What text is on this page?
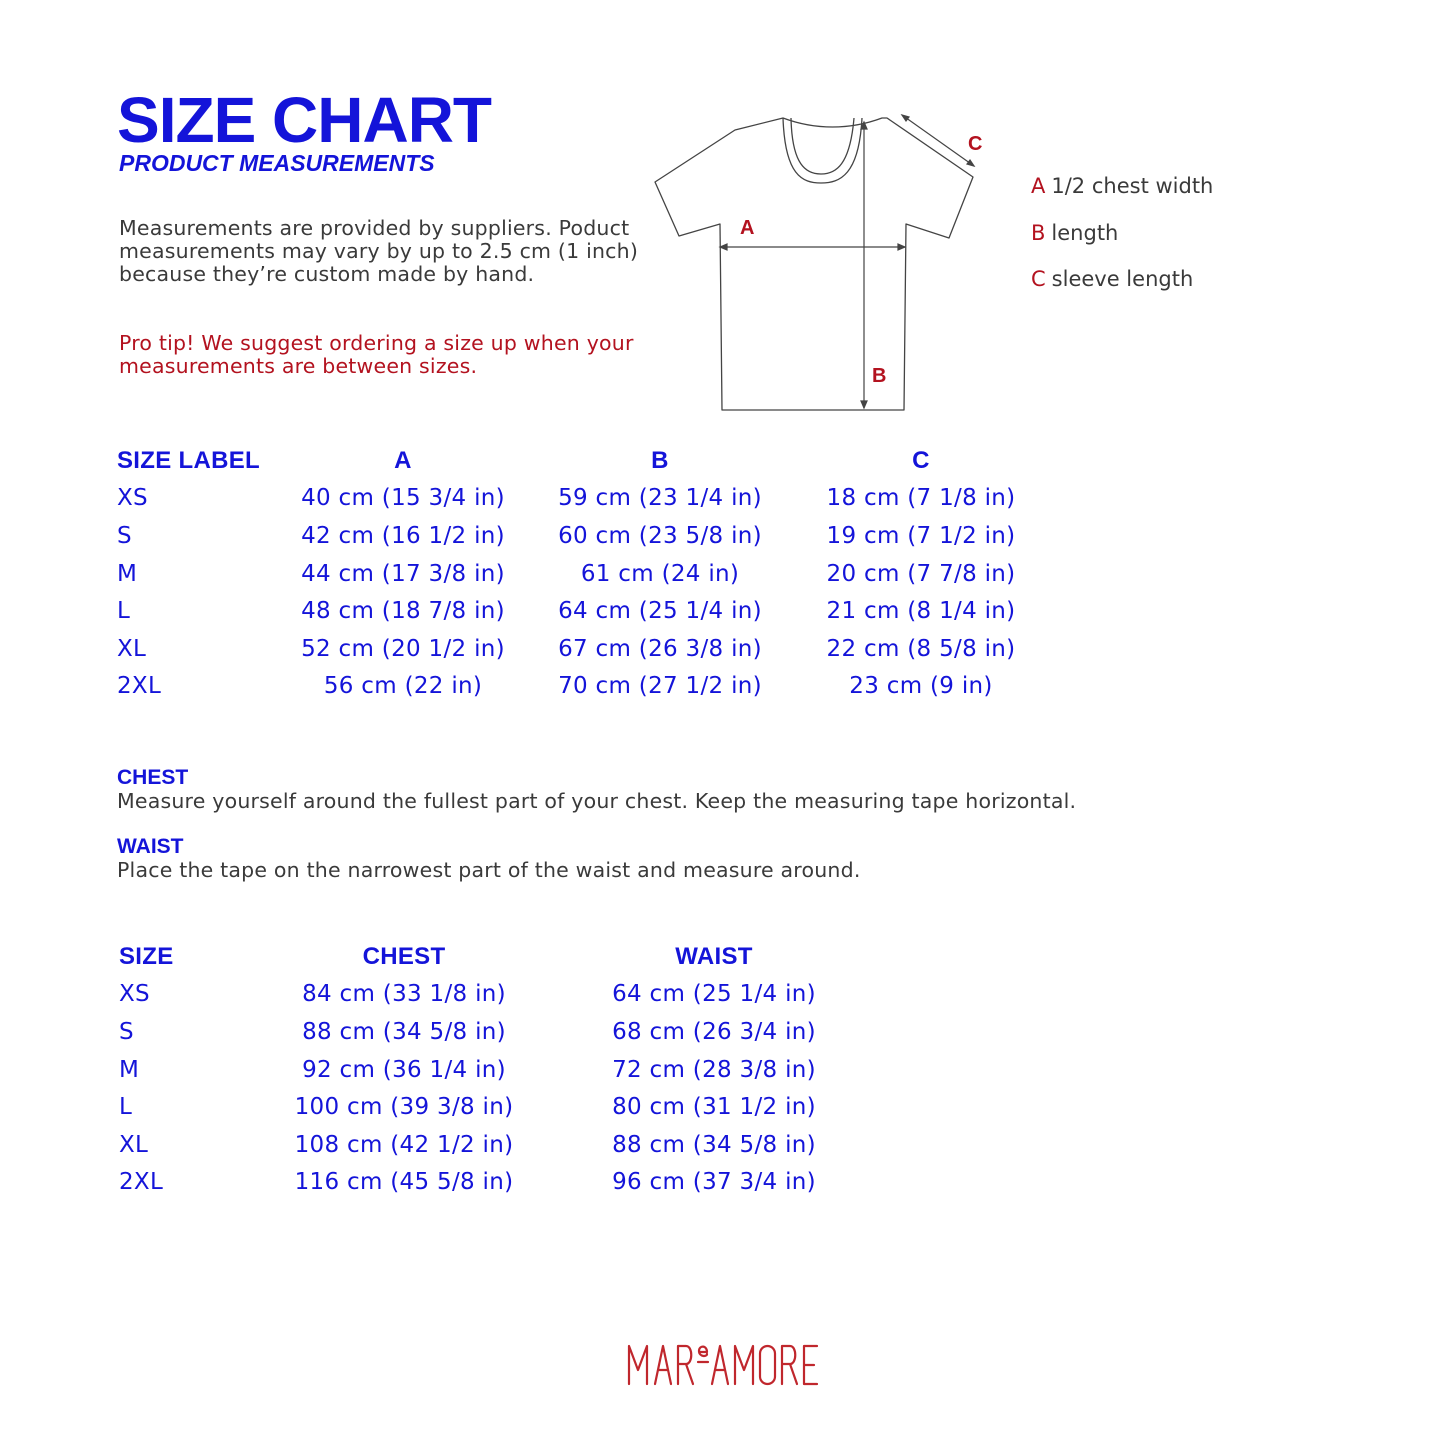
SIZE CHART
PRODUCT MEASUREMENTS
Measurements are provided by suppliers. Poduct measurements may vary by up to 2.5 cm (1 inch) because they’re custom made by hand.
Pro tip! We suggest ordering a size up when your measurements are between sizes.
A
B
C
A 1/2 chest width
B length
C sleeve length
SIZE LABEL	A	B	C
XS	40 cm (15 3/4 in)	59 cm (23 1/4 in)	18 cm (7 1/8 in)
S	42 cm (16 1/2 in)	60 cm (23 5/8 in)	19 cm (7 1/2 in)
M	44 cm (17 3/8 in)	61 cm (24 in)	20 cm (7 7/8 in)
L	48 cm (18 7/8 in)	64 cm (25 1/4 in)	21 cm (8 1/4 in)
XL	52 cm (20 1/2 in)	67 cm (26 3/8 in)	22 cm (8 5/8 in)
2XL	56 cm (22 in)	70 cm (27 1/2 in)	23 cm (9 in)
CHEST
Measure yourself around the fullest part of your chest. Keep the measuring tape horizontal.
WAIST
Place the tape on the narrowest part of the waist and measure around.
SIZE	CHEST	WAIST
XS	84 cm (33 1/8 in)	64 cm (25 1/4 in)
S	88 cm (34 5/8 in)	68 cm (26 3/4 in)
M	92 cm (36 1/4 in)	72 cm (28 3/8 in)
L	100 cm (39 3/8 in)	80 cm (31 1/2 in)
XL	108 cm (42 1/2 in)	88 cm (34 5/8 in)
2XL	116 cm (45 5/8 in)	96 cm (37 3/4 in)
